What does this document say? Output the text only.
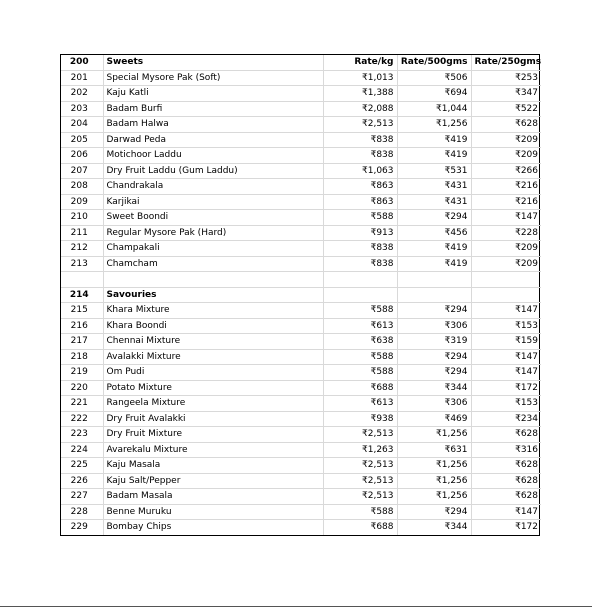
200	Sweets	Rate/kg	Rate/500gms	Rate/250gms
201	Special Mysore Pak (Soft)	₹1,013	₹506	₹253
202	Kaju Katli	₹1,388	₹694	₹347
203	Badam Burfi	₹2,088	₹1,044	₹522
204	Badam Halwa	₹2,513	₹1,256	₹628
205	Darwad Peda	₹838	₹419	₹209
206	Motichoor Laddu	₹838	₹419	₹209
207	Dry Fruit Laddu (Gum Laddu)	₹1,063	₹531	₹266
208	Chandrakala	₹863	₹431	₹216
209	Karjikai	₹863	₹431	₹216
210	Sweet Boondi	₹588	₹294	₹147
211	Regular Mysore Pak (Hard)	₹913	₹456	₹228
212	Champakali	₹838	₹419	₹209
213	Chamcham	₹838	₹419	₹209

214	Savouries			
215	Khara Mixture	₹588	₹294	₹147
216	Khara Boondi	₹613	₹306	₹153
217	Chennai Mixture	₹638	₹319	₹159
218	Avalakki Mixture	₹588	₹294	₹147
219	Om Pudi	₹588	₹294	₹147
220	Potato Mixture	₹688	₹344	₹172
221	Rangeela Mixture	₹613	₹306	₹153
222	Dry Fruit Avalakki	₹938	₹469	₹234
223	Dry Fruit Mixture	₹2,513	₹1,256	₹628
224	Avarekalu Mixture	₹1,263	₹631	₹316
225	Kaju Masala	₹2,513	₹1,256	₹628
226	Kaju Salt/Pepper	₹2,513	₹1,256	₹628
227	Badam Masala	₹2,513	₹1,256	₹628
228	Benne Muruku	₹588	₹294	₹147
229	Bombay Chips	₹688	₹344	₹172
